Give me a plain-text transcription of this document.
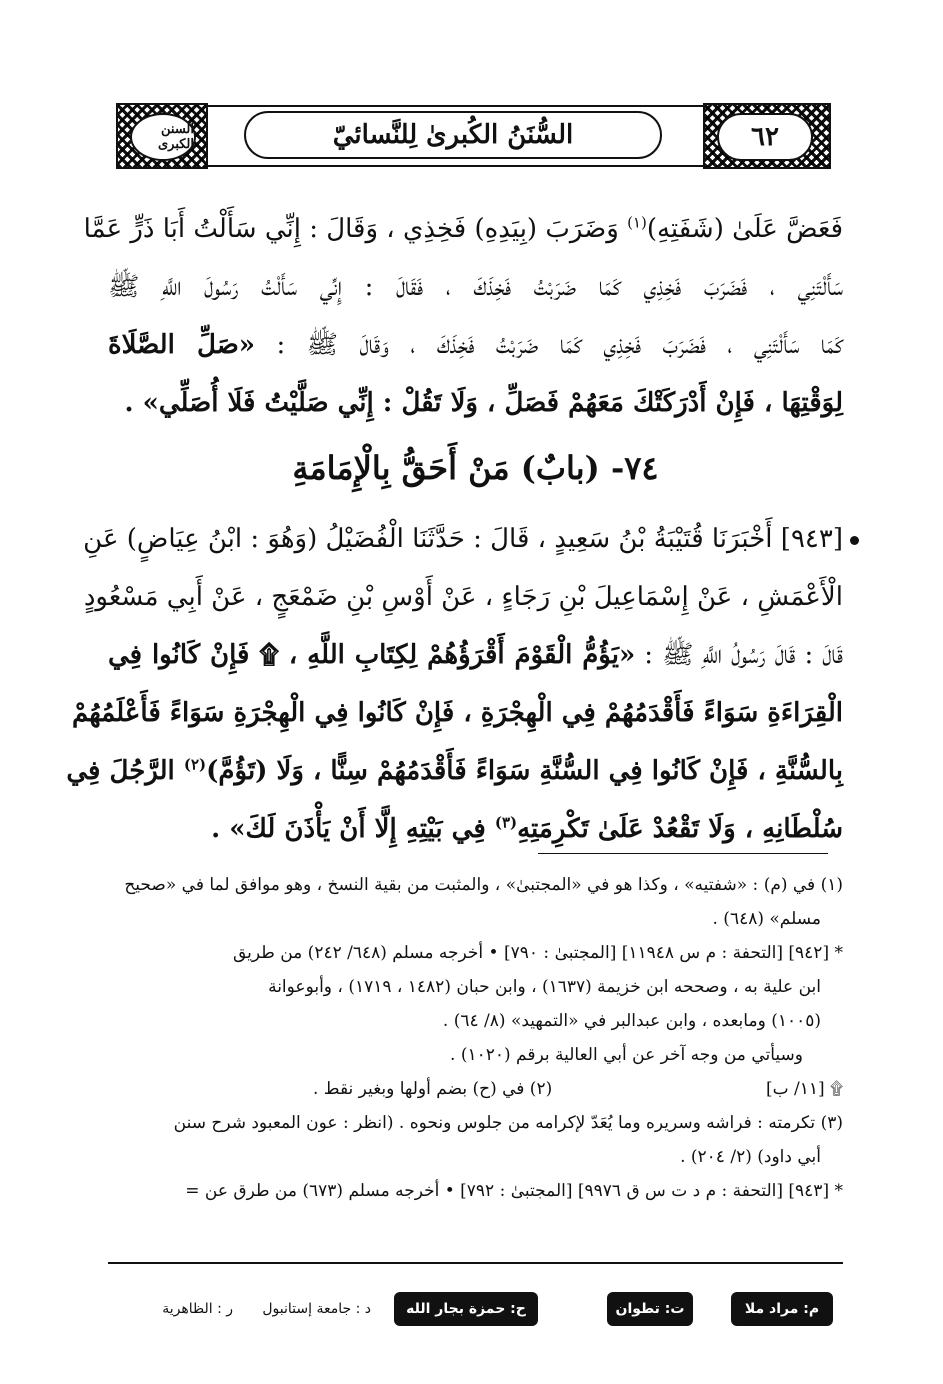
السنن الكبرى	السُّنَنُ الكُبرىٰ لِلنَّسائيّ	٦٢
فَعَضَّ عَلَىٰ (شَفَتِهِ)$^{(١)}$ وَضَرَبَ (بِيَدِهِ) فَخِذِي ، وَقَالَ : إِنِّي سَأَلْتُ أَبَا ذَرٍّ عَمَّا
سَأَلْتَنِي ، فَضَرَبَ فَخِذِي كَمَا ضَرَبْتُ فَخِذَكَ ، فَقَالَ : إِنِّي سَأَلْتُ رَسُولَ اللَّهِ ﷺ
كَمَا سَأَلْتَنِي ، فَضَرَبَ فَخِذِي كَمَا ضَرَبْتُ فَخِذَكَ ، وَقَالَ ﷺ : «صَلِّ الصَّلَاةَ
لِوَقْتِهَا ، فَإِنْ أَدْرَكَتْكَ مَعَهُمْ فَصَلِّ ، وَلَا تَقُلْ : إِنِّي صَلَّيْتُ فَلَا أُصَلِّي» .
٧٤- (بابٌ) مَنْ أَحَقُّ بِالْإِمَامَةِ
[٩٤٣] أَخْبَرَنَا قُتَيْبَةُ بْنُ سَعِيدٍ ، قَالَ : حَدَّثَنَا الْفُضَيْلُ (وَهُوَ : ابْنُ عِيَاضٍ) عَنِ
الْأَعْمَشِ ، عَنْ إِسْمَاعِيلَ بْنِ رَجَاءٍ ، عَنْ أَوْسِ بْنِ ضَمْعَجٍ ، عَنْ أَبِي مَسْعُودٍ
قَالَ : قَالَ رَسُولُ اللَّهِ ﷺ : «يَؤُمُّ الْقَوْمَ أَقْرَؤُهُمْ لِكِتَابِ اللَّهِ ، ۩ فَإِنْ كَانُوا فِي
الْقِرَاءَةِ سَوَاءً فَأَقْدَمُهُمْ فِي الْهِجْرَةِ ، فَإِنْ كَانُوا فِي الْهِجْرَةِ سَوَاءً فَأَعْلَمُهُمْ
بِالسُّنَّةِ ، فَإِنْ كَانُوا فِي السُّنَّةِ سَوَاءً فَأَقْدَمُهُمْ سِنًّا ، وَلَا (تَؤُمَّ)$^{(٢)}$ الرَّجُلَ فِي
سُلْطَانِهِ ، وَلَا تَقْعُدْ عَلَىٰ تَكْرِمَتِهِ$^{(٣)}$ فِي بَيْتِهِ إِلَّا أَنْ يَأْذَنَ لَكَ» .
(١) في (م) : «شفتيه» ، وكذا هو في «المجتبىٰ» ، والمثبت من بقية النسخ ، وهو موافق لما في «صحيح
مسلم» (٦٤٨) .
* [٩٤٢] [التحفة : م س ١١٩٤٨] [المجتبىٰ : ٧٩٠] • أخرجه مسلم (٦٤٨/ ٢٤٢) من طريق
ابن علية به ، وصححه ابن خزيمة (١٦٣٧) ، وابن حبان (١٤٨٢ ، ١٧١٩) ، وأبوعوانة
(١٠٠٥) ومابعده ، وابن عبدالبر في «التمهيد» (٨/ ٦٤) .
وسيأتي من وجه آخر عن أبي العالية برقم (١٠٢٠) .
۩ [١١/ ب]
(٢) في (ح) بضم أولها وبغير نقط .
(٣) تكرمته : فراشه وسريره وما يُعَدّ لإكرامه من جلوس ونحوه . (انظر : عون المعبود شرح سنن
أبي داود) (٢/ ٢٠٤) .
* [٩٤٣] [التحفة : م د ت س ق ٩٩٧٦] [المجتبىٰ : ٧٩٢] • أخرجه مسلم (٦٧٣) من طرق عن =
م: مراد ملا
ت: تطوان
ح: حمزة بجار الله
د : جامعة إستانبول
ر : الظاهرية
